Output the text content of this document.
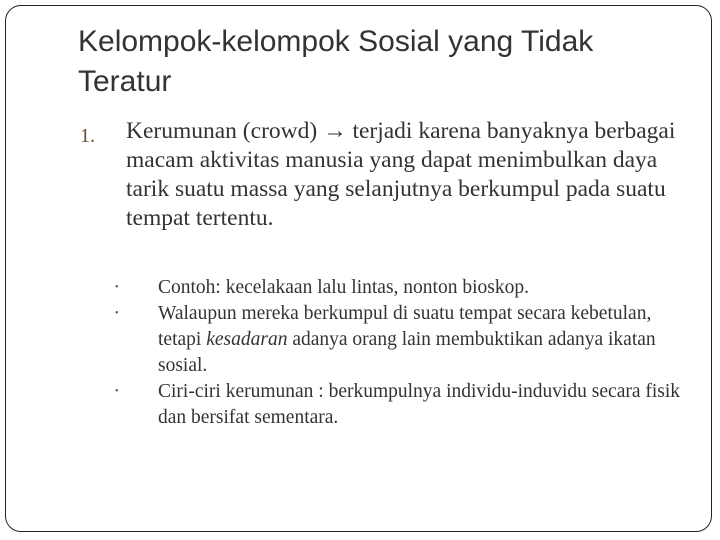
Kelompok-kelompok Sosial yang Tidak Teratur
1. Kerumunan (crowd) → terjadi karena banyaknya berbagai macam aktivitas manusia yang dapat menimbulkan daya tarik suatu massa yang selanjutnya berkumpul pada suatu tempat tertentu.

• Contoh: kecelakaan lalu lintas, nonton bioskop.
• Walaupun mereka berkumpul di suatu tempat secara kebetulan, tetapi kesadaran adanya orang lain membuktikan adanya ikatan sosial.
• Ciri-ciri kerumunan : berkumpulnya individu-induvidu secara fisik dan bersifat sementara.
